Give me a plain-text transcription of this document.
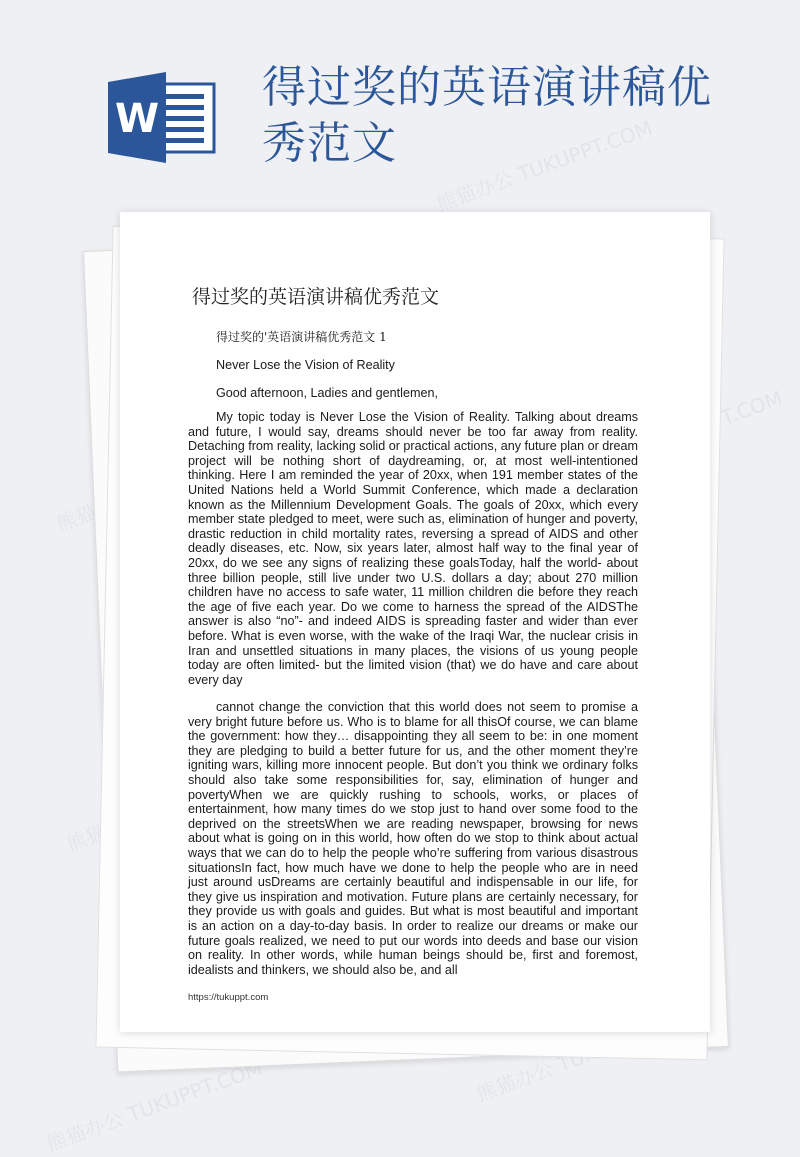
W
得过奖的英语演讲稿优秀范文	熊猫办公 TUKUPPT.COM
熊猫办公 TUKUPPT.COM
得过奖的英语演讲稿优秀范文

得过奖的'英语演讲稿优秀范文 1

Never Lose the Vision of Reality

Good afternoon, Ladies and gentlemen,

My topic today is Never Lose the Vision of Reality. Talking about dreams and future, I would say, dreams should never be too far away from reality. Detaching from reality, lacking solid or practical actions, any future plan or dream project will be nothing short of daydreaming, or, at most well-intentioned thinking. Here I am reminded the year of 20xx, when 191 member states of the United Nations held a World Summit Conference, which made a declaration known as the Millennium Development Goals. The goals of 20xx, which every member state pledged to meet, were such as, elimination of hunger and poverty, drastic reduction in child mortality rates, reversing a spread of AIDS and other deadly diseases, etc. Now, six years later, almost half way to the final year of 20xx, do we see any signs of realizing these goalsToday, half the world- about three billion people, still live under two U.S. dollars a day; about 270 million children have no access to safe water, 11 million children die before they reach the age of five each year. Do we come to harness the spread of the AIDSThe answer is also “no”- and indeed AIDS is spreading faster and wider than ever before. What is even worse, with the wake of the Iraqi War, the nuclear crisis in Iran and unsettled situations in many places, the visions of us young people today are often limited- but the limited vision (that) we do have and care about every day

cannot change the conviction that this world does not seem to promise a very bright future before us. Who is to blame for all thisOf course, we can blame the government: how they… disappointing they all seem to be: in one moment they are pledging to build a better future for us, and the other moment they’re igniting wars, killing more innocent people. But don’t you think we ordinary folks should also take some responsibilities for, say, elimination of hunger and povertyWhen we are quickly rushing to schools, works, or places of entertainment, how many times do we stop just to hand over some food to the deprived on the streetsWhen we are reading newspaper, browsing for news about what is going on in this world, how often do we stop to think about actual ways that we can do to help the people who’re suffering from various disastrous situationsIn fact, how much have we done to help the people who are in need just around usDreams are certainly beautiful and indispensable in our life, for they give us inspiration and motivation. Future plans are certainly necessary, for they provide us with goals and guides. But what is most beautiful and important is an action on a day-to-day basis. In order to realize our dreams or make our future goals realized, we need to put our words into deeds and base our vision on reality. In other words, while human beings should be, first and foremost, idealists and thinkers, we should also be, and all

https://tukuppt.com
